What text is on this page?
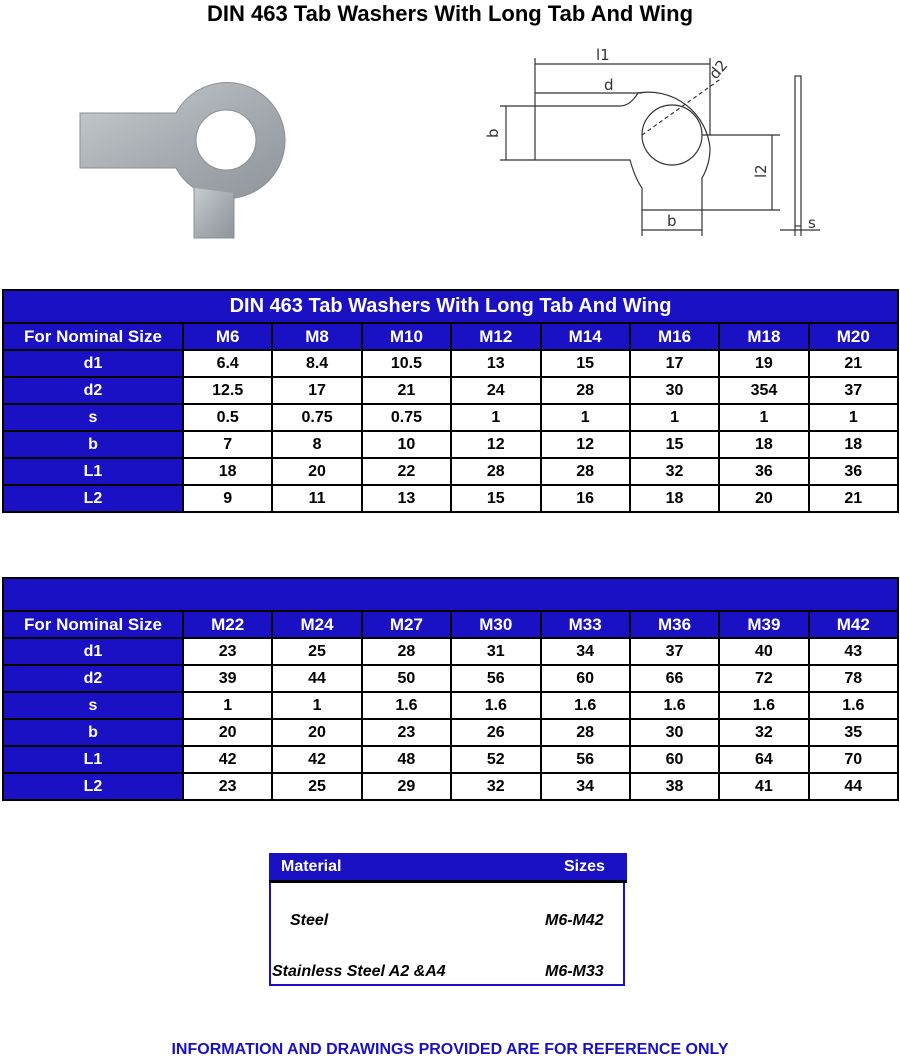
DIN 463 Tab Washers With Long Tab And Wing
l1
d
d2
b
l2
b	s
DIN 463 Tab Washers With Long Tab And Wing								
For Nominal Size	M6	M8	M10	M12	M14	M16	M18	M20
d1	6.4	8.4	10.5	13	15	17	19	21
d2	12.5	17	21	24	28	30	354	37
s	0.5	0.75	0.75	1	1	1	1	1
b	7	8	10	12	12	15	18	18
L1	18	20	22	28	28	32	36	36
L2	9	11	13	15	16	18	20	21

For Nominal Size	M22	M24	M27	M30	M33	M36	M39	M42
d1	23	25	28	31	34	37	40	43
d2	39	44	50	56	60	66	72	78
s	1	1	1.6	1.6	1.6	1.6	1.6	1.6
b	20	20	23	26	28	30	32	35
L1	42	42	48	52	56	60	64	70
L2	23	25	29	32	34	38	41	44
Material	Sizes
Steel	M6-M42
Stainless Steel A2 &A4	M6-M33
INFORMATION AND DRAWINGS PROVIDED ARE FOR REFERENCE ONLY
